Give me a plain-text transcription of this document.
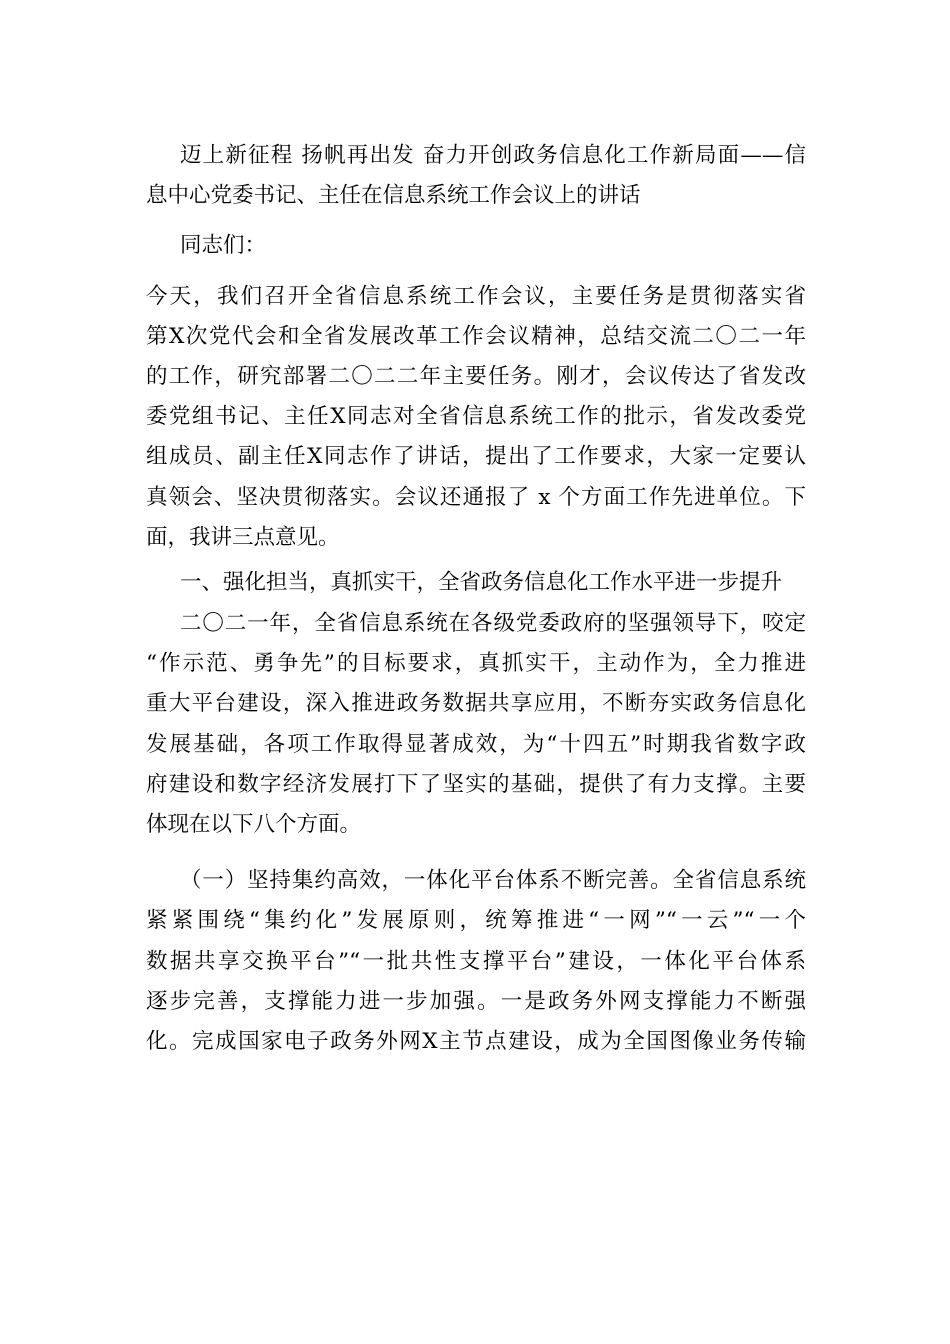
迈上新征程 扬帆再出发 奋力开创政务信息化工作新局面——信
息中心党委书记、主任在信息系统工作会议上的讲话
同志们：
今天，我们召开全省信息系统工作会议，主要任务是贯彻落实省
第Ⅹ次党代会和全省发展改革工作会议精神，总结交流二〇二一年
的工作，研究部署二〇二二年主要任务。刚才，会议传达了省发改
委党组书记、主任Ⅹ同志对全省信息系统工作的批示，省发改委党
组成员、副主任Ⅹ同志作了讲话，提出了工作要求，大家一定要认
真领会、坚决贯彻落实。会议还通报了 x 个方面工作先进单位。下
面，我讲三点意见。
一、强化担当，真抓实干，全省政务信息化工作水平进一步提升
二〇二一年，全省信息系统在各级党委政府的坚强领导下，咬定
“作示范、勇争先”的目标要求，真抓实干，主动作为，全力推进
重大平台建设，深入推进政务数据共享应用，不断夯实政务信息化
发展基础，各项工作取得显著成效，为“十四五”时期我省数字政
府建设和数字经济发展打下了坚实的基础，提供了有力支撑。主要
体现在以下八个方面。
（一）坚持集约高效，一体化平台体系不断完善。全省信息系统
紧紧围绕“集约化”发展原则，统筹推进“一网”“一云”“一个
数据共享交换平台”“一批共性支撑平台”建设，一体化平台体系
逐步完善，支撑能力进一步加强。一是政务外网支撑能力不断强
化。完成国家电子政务外网Ⅹ主节点建设，成为全国图像业务传输
